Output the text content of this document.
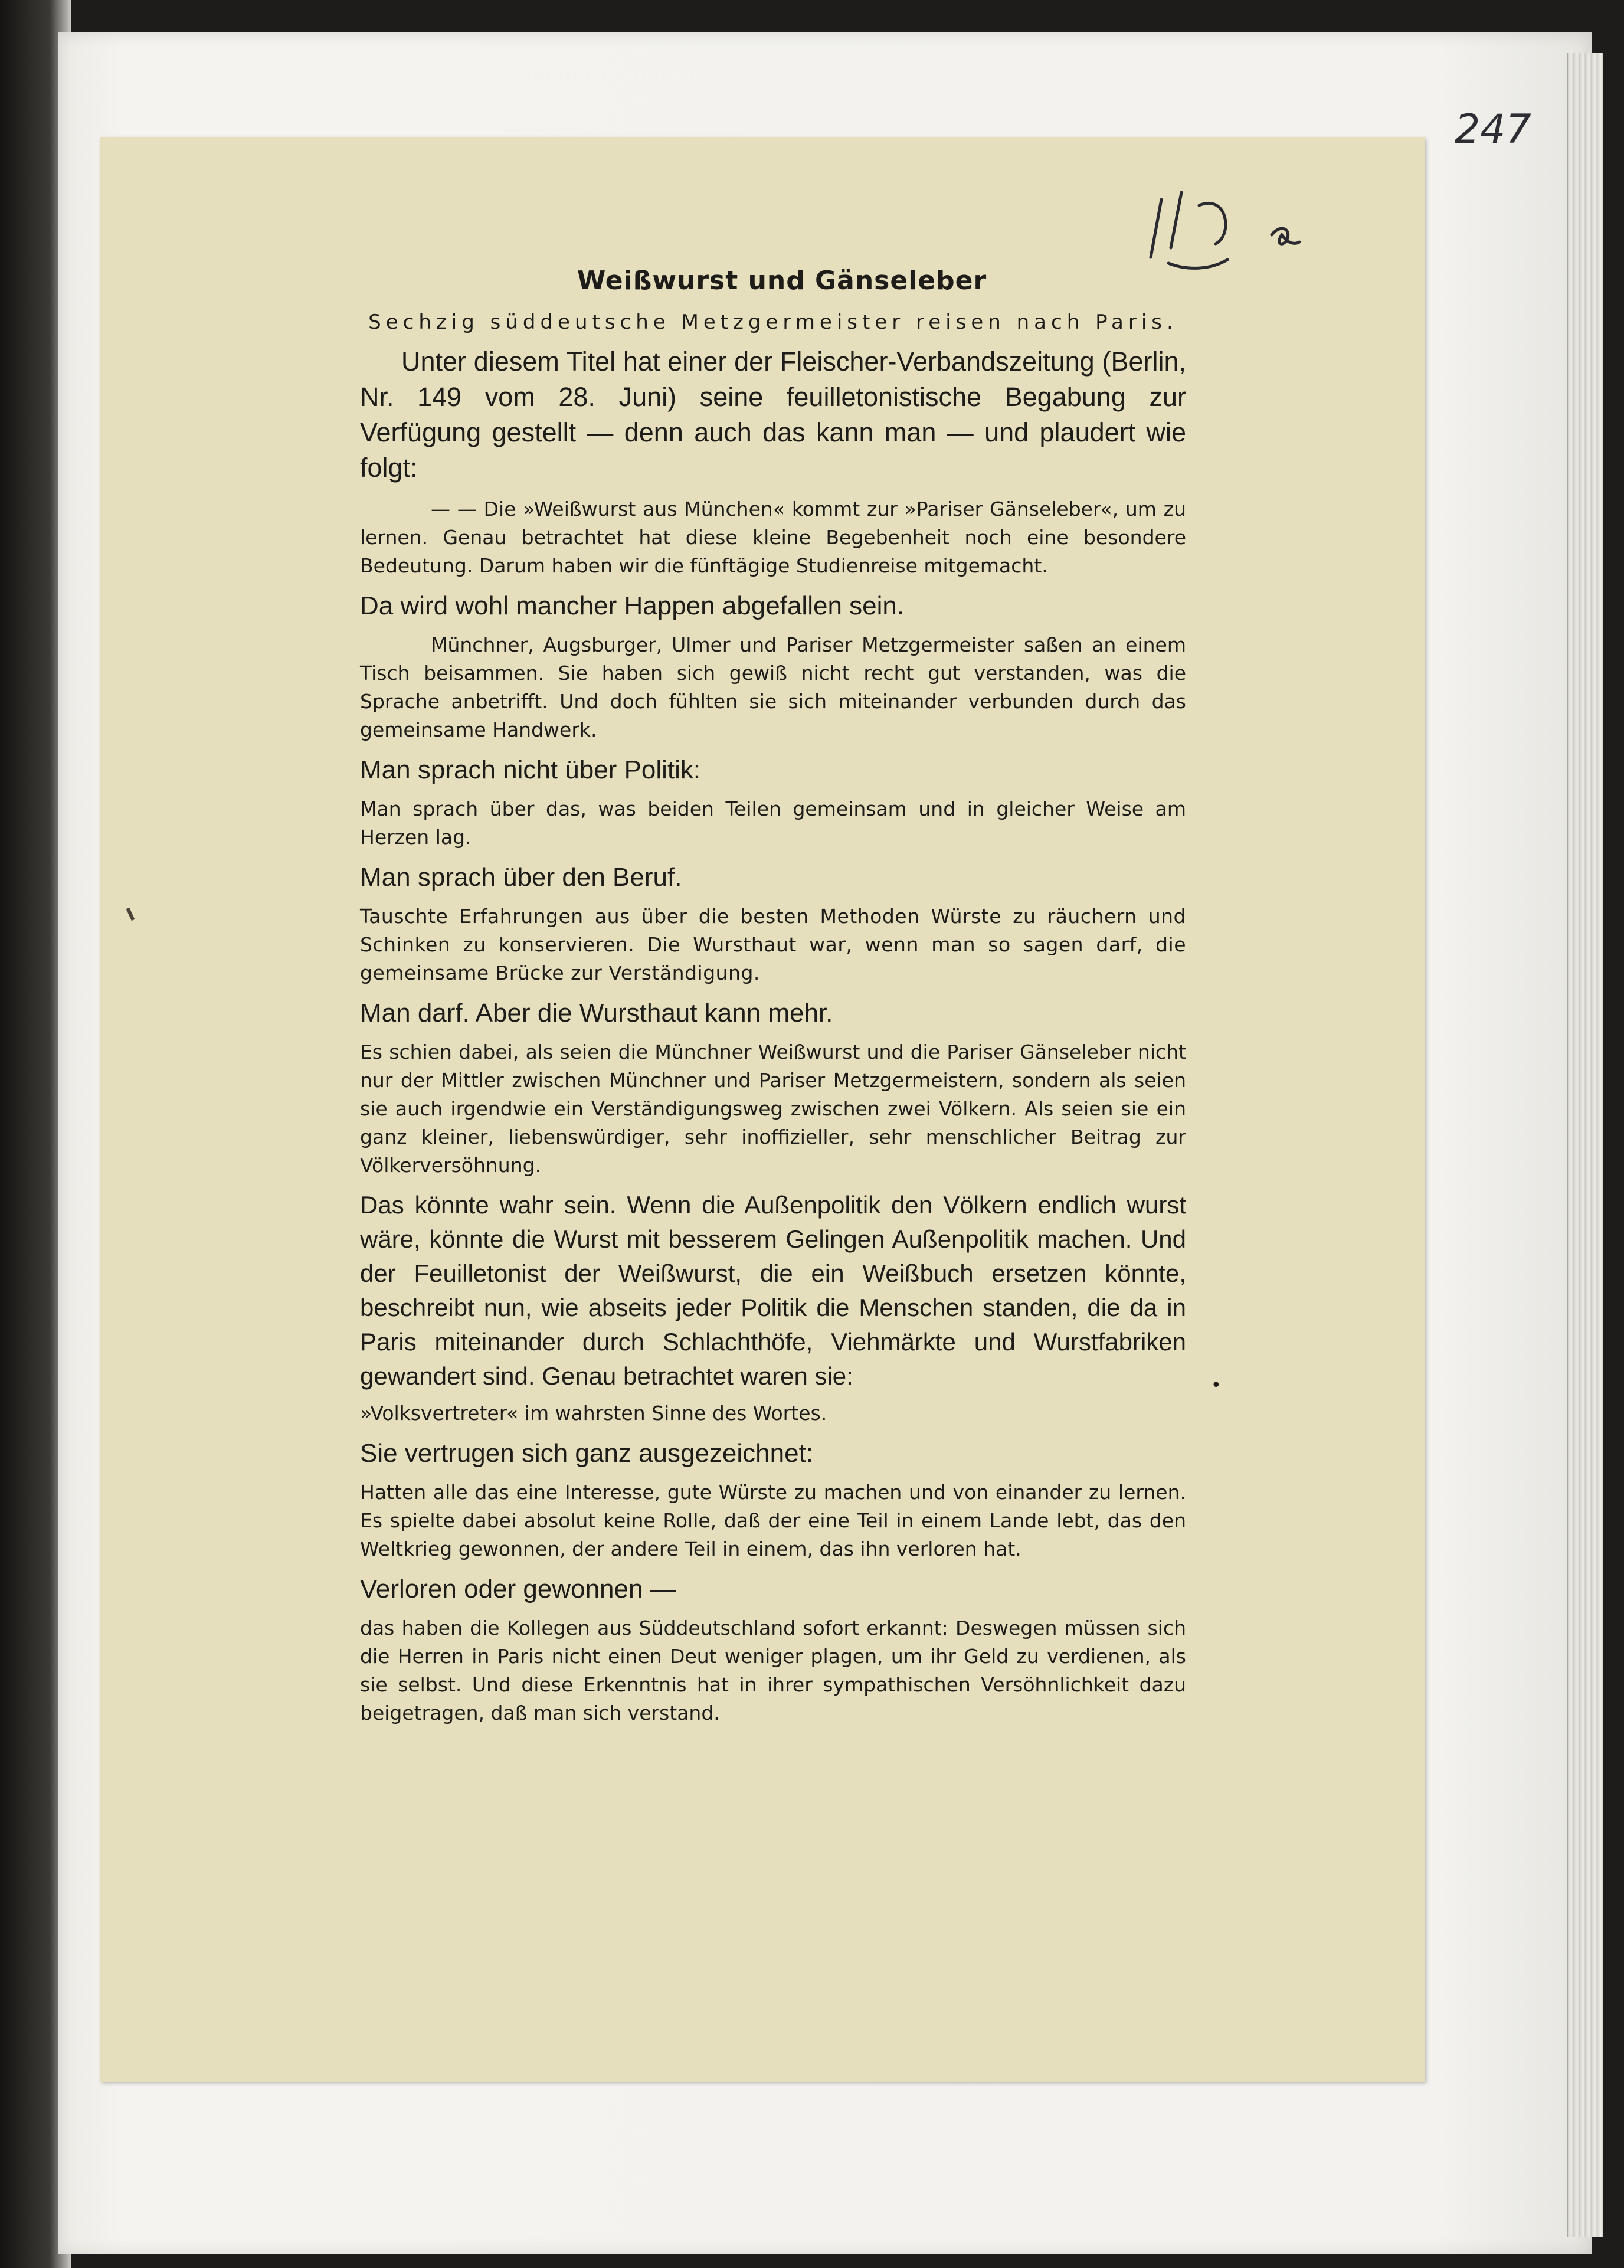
247
•
Weißwurst und Gänseleber
Sechzig süddeutsche Metzgermeister reisen nach Paris.

Unter diesem Titel hat einer der Fleischer-Verbandszeitung (Berlin, Nr. 149 vom 28. Juni) seine feuilletonistische Begabung zur Verfügung gestellt — denn auch das kann man — und plaudert wie folgt:

— — Die »Weißwurst aus München« kommt zur »Pariser Gänseleber«, um zu lernen. Genau betrachtet hat diese kleine Begebenheit noch eine besondere Bedeutung. Darum haben wir die fünftägige Studienreise mitgemacht.

Da wird wohl mancher Happen abgefallen sein.

Münchner, Augsburger, Ulmer und Pariser Metzgermeister saßen an einem Tisch beisammen. Sie haben sich gewiß nicht recht gut verstanden, was die Sprache anbetrifft. Und doch fühlten sie sich miteinander verbunden durch das gemeinsame Handwerk.

Man sprach nicht über Politik:

Man sprach über das, was beiden Teilen gemeinsam und in gleicher Weise am Herzen lag.

Man sprach über den Beruf.

Tauschte Erfahrungen aus über die besten Methoden Würste zu räuchern und Schinken zu konservieren. Die Wursthaut war, wenn man so sagen darf, die gemeinsame Brücke zur Verständigung.

Man darf. Aber die Wursthaut kann mehr.

Es schien dabei, als seien die Münchner Weißwurst und die Pariser Gänseleber nicht nur der Mittler zwischen Münchner und Pariser Metzgermeistern, sondern als seien sie auch irgendwie ein Verständigungsweg zwischen zwei Völkern. Als seien sie ein ganz kleiner, liebenswürdiger, sehr inoffizieller, sehr menschlicher Beitrag zur Völkerversöhnung.

Das könnte wahr sein. Wenn die Außenpolitik den Völkern endlich wurst wäre, könnte die Wurst mit besserem Gelingen Außenpolitik machen. Und der Feuilletonist der Weißwurst, die ein Weißbuch ersetzen könnte, beschreibt nun, wie abseits jeder Politik die Menschen standen, die da in Paris miteinander durch Schlachthöfe, Viehmärkte und Wurstfabriken gewandert sind. Genau betrachtet waren sie:

»Volksvertreter« im wahrsten Sinne des Wortes.

Sie vertrugen sich ganz ausgezeichnet:

Hatten alle das eine Interesse, gute Würste zu machen und von einander zu lernen. Es spielte dabei absolut keine Rolle, daß der eine Teil in einem Lande lebt, das den Weltkrieg gewonnen, der andere Teil in einem, das ihn verloren hat.

Verloren oder gewonnen —

das haben die Kollegen aus Süddeutschland sofort erkannt: Deswegen müssen sich die Herren in Paris nicht einen Deut weniger plagen, um ihr Geld zu verdienen, als sie selbst. Und diese Erkenntnis hat in ihrer sympathischen Versöhnlichkeit dazu beigetragen, daß man sich verstand.
